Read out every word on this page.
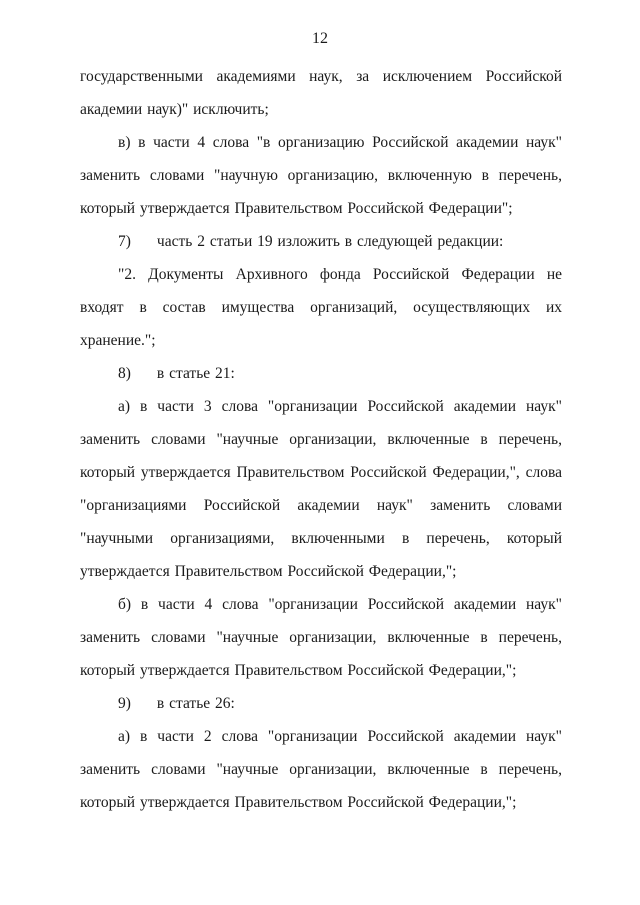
12

государственными академиями наук, за исключением Российской академии наук)" исключить;

в) в части 4 слова "в организацию Российской академии наук" заменить словами "научную организацию, включенную в перечень, который утверждается Правительством Российской Федерации";

7) часть 2 статьи 19 изложить в следующей редакции:

"2. Документы Архивного фонда Российской Федерации не входят в состав имущества организаций, осуществляющих их хранение.";

8) в статье 21:

а) в части 3 слова "организации Российской академии наук" заменить словами "научные организации, включенные в перечень, который утверждается Правительством Российской Федерации,", слова "организациями Российской академии наук" заменить словами "научными организациями, включенными в перечень, который утверждается Правительством Российской Федерации,";

б) в части 4 слова "организации Российской академии наук" заменить словами "научные организации, включенные в перечень, который утверждается Правительством Российской Федерации,";

9) в статье 26:

а) в части 2 слова "организации Российской академии наук" заменить словами "научные организации, включенные в перечень, который утверждается Правительством Российской Федерации,";
